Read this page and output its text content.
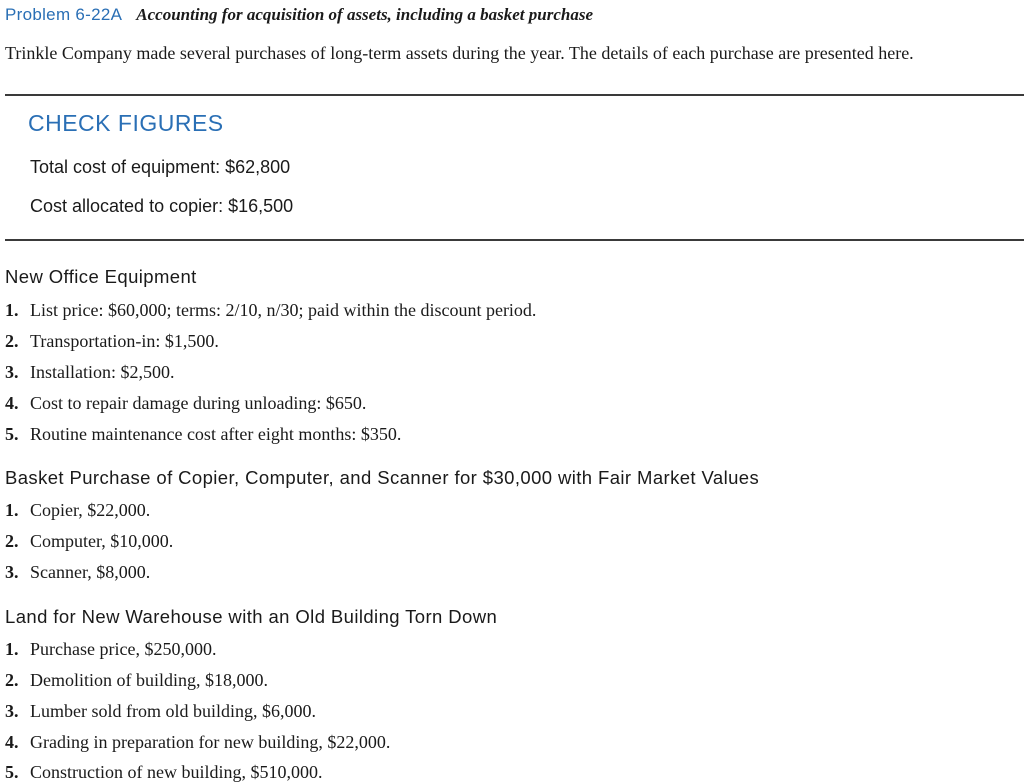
Problem 6-22A Accounting for acquisition of assets, including a basket purchase
Trinkle Company made several purchases of long-term assets during the year. The details of each purchase are presented here.
CHECK FIGURES
Total cost of equipment: $62,800
Cost allocated to copier: $16,500
New Office Equipment
1. List price: $60,000; terms: 2/10, n/30; paid within the discount period.
2. Transportation-in: $1,500.
3. Installation: $2,500.
4. Cost to repair damage during unloading: $650.
5. Routine maintenance cost after eight months: $350.
Basket Purchase of Copier, Computer, and Scanner for $30,000 with Fair Market Values
1. Copier, $22,000.
2. Computer, $10,000.
3. Scanner, $8,000.
Land for New Warehouse with an Old Building Torn Down
1. Purchase price, $250,000.
2. Demolition of building, $18,000.
3. Lumber sold from old building, $6,000.
4. Grading in preparation for new building, $22,000.
5. Construction of new building, $510,000.
